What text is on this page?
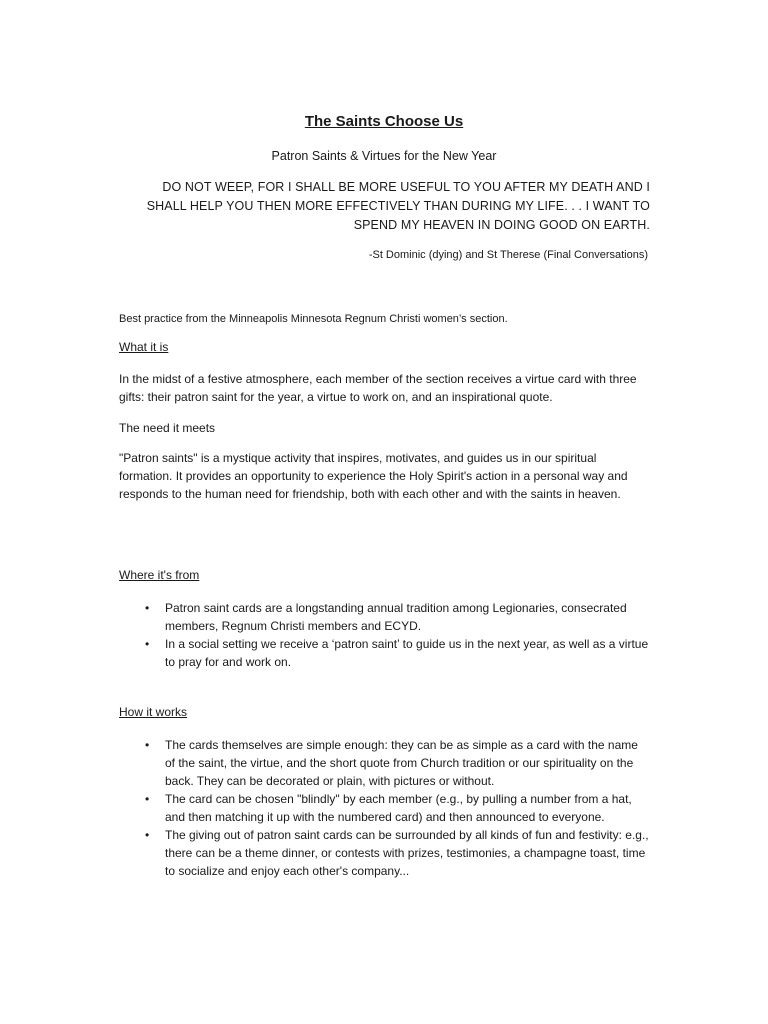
The Saints Choose Us
Patron Saints & Virtues for the New Year
DO NOT WEEP, FOR I SHALL BE MORE USEFUL TO YOU AFTER MY DEATH AND I SHALL HELP YOU THEN MORE EFFECTIVELY THAN DURING MY LIFE. . . I WANT TO SPEND MY HEAVEN IN DOING GOOD ON EARTH.
-St Dominic (dying) and St Therese (Final Conversations)
Best practice from the Minneapolis Minnesota Regnum Christi women’s section.
What it is
In the midst of a festive atmosphere, each member of the section receives a virtue card with three gifts: their patron saint for the year, a virtue to work on, and an inspirational quote.
The need it meets
"Patron saints" is a mystique activity that inspires, motivates, and guides us in our spiritual formation. It provides an opportunity to experience the Holy Spirit's action in a personal way and responds to the human need for friendship, both with each other and with the saints in heaven.
Where it's from
• Patron saint cards are a longstanding annual tradition among Legionaries, consecrated members, Regnum Christi members and ECYD.
• In a social setting we receive a ‘patron saint’ to guide us in the next year, as well as a virtue to pray for and work on.
How it works
• The cards themselves are simple enough: they can be as simple as a card with the name of the saint, the virtue, and the short quote from Church tradition or our spirituality on the back. They can be decorated or plain, with pictures or without.
• The card can be chosen "blindly" by each member (e.g., by pulling a number from a hat, and then matching it up with the numbered card) and then announced to everyone.
• The giving out of patron saint cards can be surrounded by all kinds of fun and festivity: e.g., there can be a theme dinner, or contests with prizes, testimonies, a champagne toast, time to socialize and enjoy each other's company...
